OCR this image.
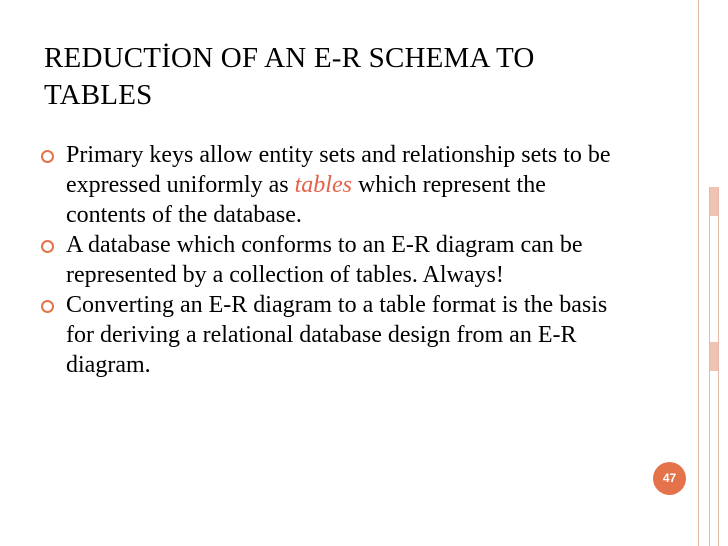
REDUCTİON OF AN E-R SCHEMA TO TABLES
Primary keys allow entity sets and relationship sets to be expressed uniformly as tables which represent the contents of the database.
A database which conforms to an E-R diagram can be represented by a collection of tables. Always!
Converting an E-R diagram to a table format is the basis for deriving a relational database design from an E-R diagram.
47
